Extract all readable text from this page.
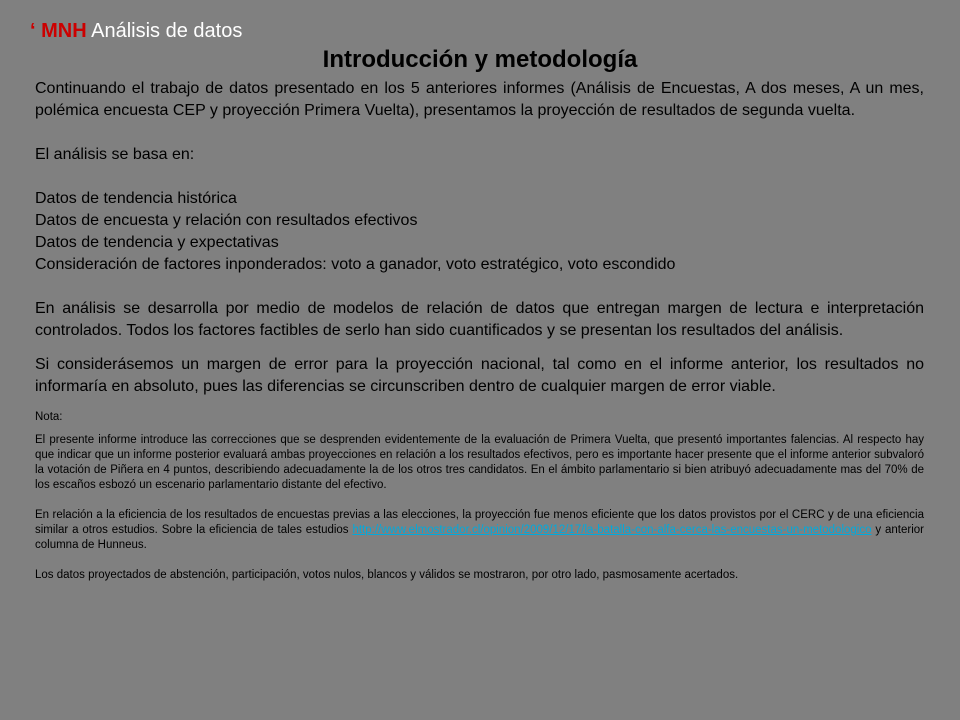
‘ MNH Análisis de datos
Introducción y metodología

Continuando el trabajo de datos presentado en los 5 anteriores informes (Análisis de Encuestas, A dos meses, A un mes, polémica encuesta CEP y proyección Primera Vuelta), presentamos la proyección de resultados de segunda vuelta.

El análisis se basa en:

Datos de tendencia histórica

Datos de encuesta y relación con resultados efectivos

Datos de tendencia y expectativas

Consideración de factores inponderados: voto a ganador, voto estratégico, voto escondido

En análisis se desarrolla por medio de modelos de relación de datos que entregan margen de lectura e interpretación controlados. Todos los factores factibles de serlo han sido cuantificados y se presentan los resultados del análisis.

Si considerásemos un margen de error para la proyección nacional, tal como en el informe anterior, los resultados no informaría en absoluto, pues las diferencias se circunscriben dentro de cualquier margen de error viable.

Nota:

El presente informe introduce las correcciones que se desprenden evidentemente de la evaluación de Primera Vuelta, que presentó importantes falencias. Al respecto hay que indicar que un informe posterior evaluará ambas proyecciones en relación a los resultados efectivos, pero es importante hacer presente que el informe anterior subvaloró la votación de Piñera en 4 puntos, describiendo adecuadamente la de los otros tres candidatos. En el ámbito parlamentario si bien atribuyó adecuadamente mas del 70% de los escaños esbozó un escenario parlamentario distante del efectivo.

En relación a la eficiencia de los resultados de encuestas previas a las elecciones, la proyección fue menos eficiente que los datos provistos por el CERC y de una eficiencia similar a otros estudios. Sobre la eficiencia de tales estudios http://www.elmostrador.cl/opinion/2009/12/17/la-batalla-con-alfa-cerca-las-encuestas-un-metodologico y anterior columna de Hunneus.

Los datos proyectados de abstención, participación, votos nulos, blancos y válidos se mostraron, por otro lado, pasmosamente acertados.
